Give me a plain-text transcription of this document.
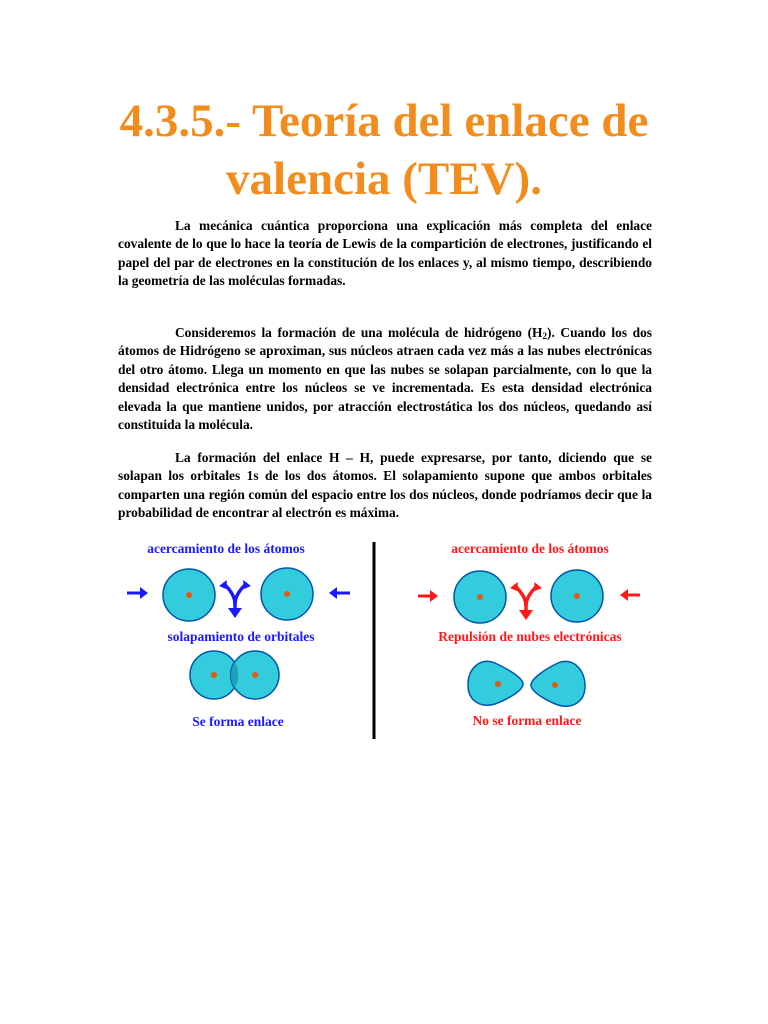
4.3.5.- Teoría del enlace de valencia (TEV).

La mecánica cuántica proporciona una explicación más completa del enlace covalente de lo que lo hace la teoría de Lewis de la compartición de electrones, justificando el papel del par de electrones en la constitución de los enlaces y, al mismo tiempo, describiendo la geometría de las moléculas formadas.

Consideremos la formación de una molécula de hidrógeno $(H_2)$. Cuando los dos átomos de Hidrógeno se aproximan, sus núcleos atraen cada vez más a las nubes electrónicas del otro átomo. Llega un momento en que las nubes se solapan parcialmente, con lo que la densidad electrónica entre los núcleos se ve incrementada. Es esta densidad electrónica elevada la que mantiene unidos, por atracción electrostática los dos núcleos, quedando así constituida la molécula.

La formación del enlace H – H, puede expresarse, por tanto, diciendo que se solapan los orbitales 1s de los dos átomos. El solapamiento supone que ambos orbitales comparten una región común del espacio entre los dos núcleos, donde podríamos decir que la probabilidad de encontrar al electrón es máxima.

acercamiento de los átomos
solapamiento de orbitales
Se forma enlace
acercamiento de los átomos
Repulsión de nubes electrónicas
No se forma enlace
